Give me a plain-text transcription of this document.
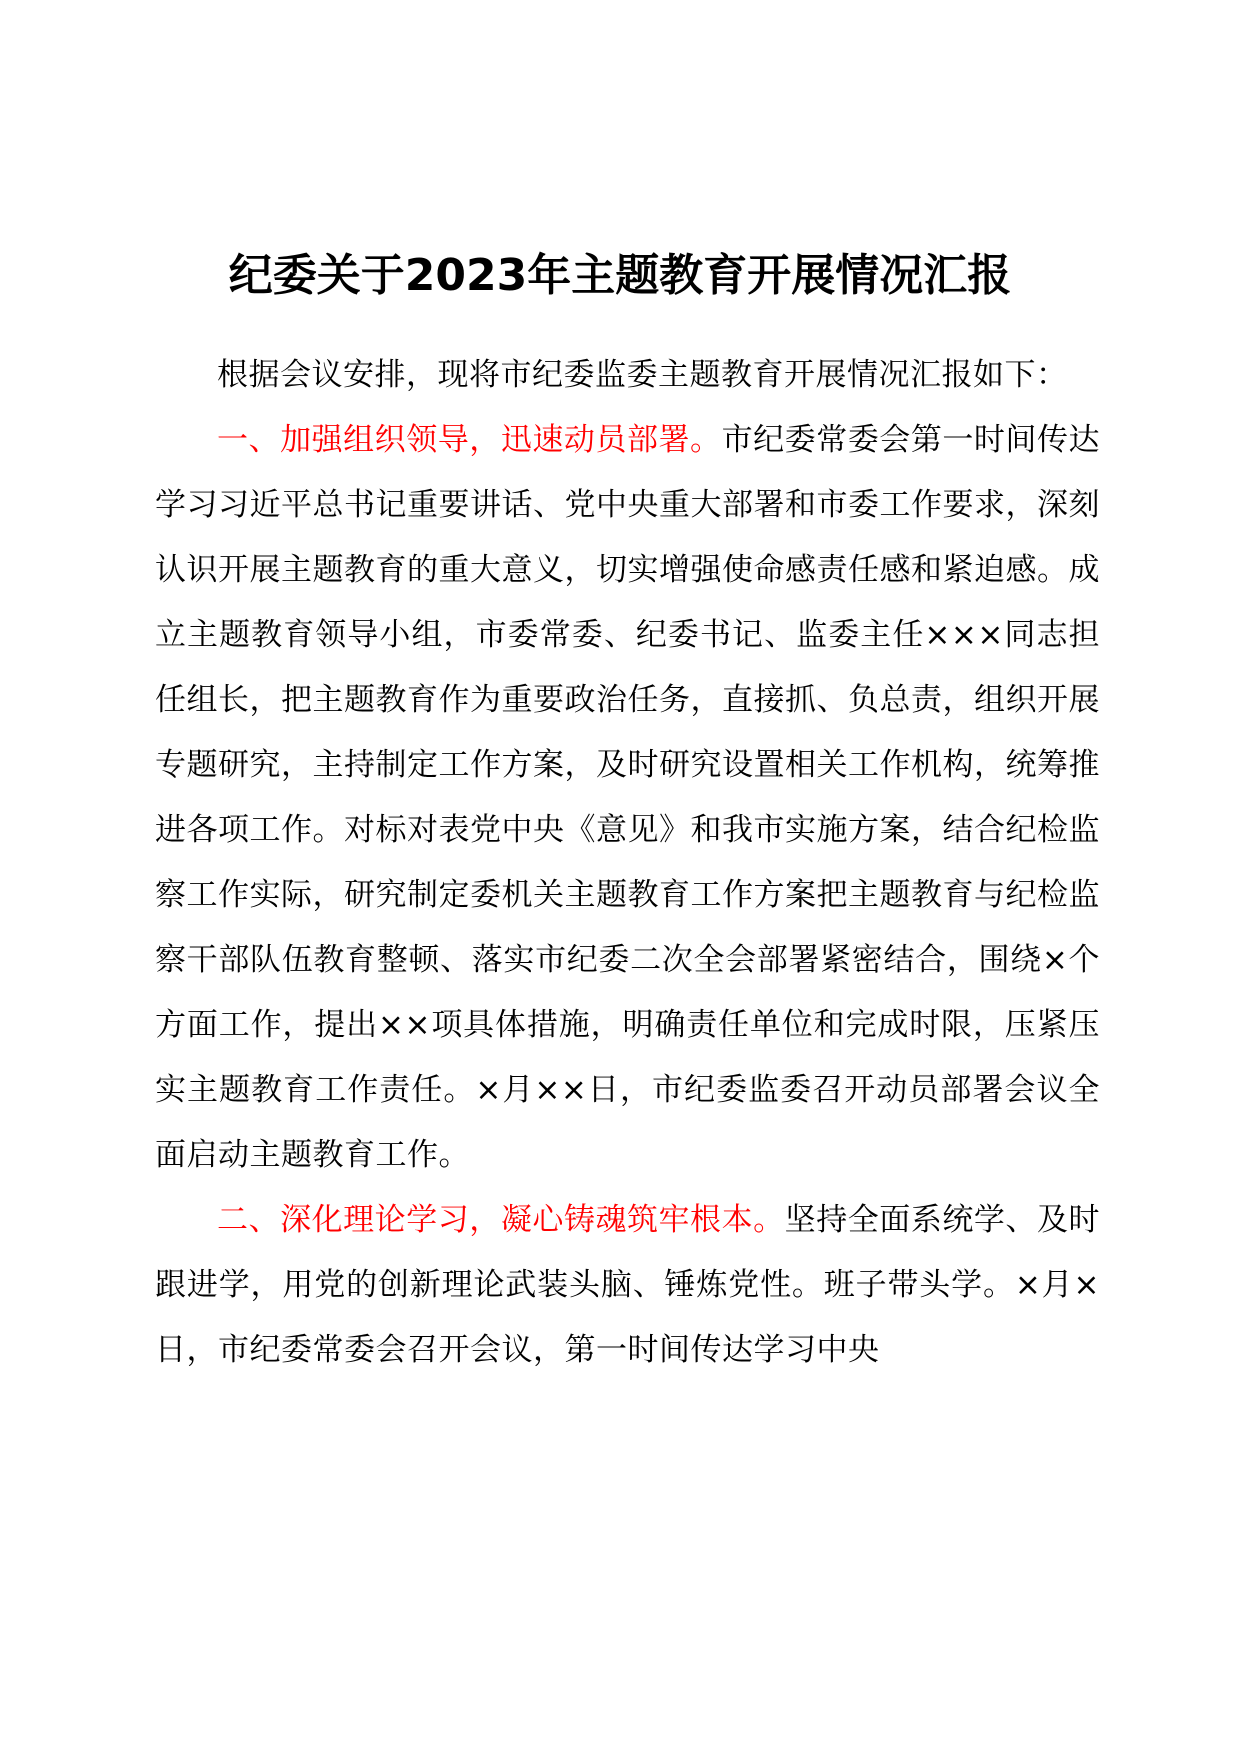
纪委关于2023年主题教育开展情况汇报

根据会议安排，现将市纪委监委主题教育开展情况汇报如下：

一、加强组织领导，迅速动员部署。市纪委常委会第一时间传达学习习近平总书记重要讲话、党中央重大部署和市委工作要求，深刻认识开展主题教育的重大意义，切实增强使命感责任感和紧迫感。成立主题教育领导小组，市委常委、纪委书记、监委主任×××同志担任组长，把主题教育作为重要政治任务，直接抓、负总责，组织开展专题研究，主持制定工作方案，及时研究设置相关工作机构，统筹推进各项工作。对标对表党中央《意见》和我市实施方案，结合纪检监察工作实际，研究制定委机关主题教育工作方案把主题教育与纪检监察干部队伍教育整顿、落实市纪委二次全会部署紧密结合，围绕×个方面工作，提出××项具体措施，明确责任单位和完成时限，压紧压实主题教育工作责任。×月××日，市纪委监委召开动员部署会议全面启动主题教育工作。

二、深化理论学习，凝心铸魂筑牢根本。坚持全面系统学、及时跟进学，用党的创新理论武装头脑、锤炼党性。班子带头学。×月×日，市纪委常委会召开会议，第一时间传达学习中央
